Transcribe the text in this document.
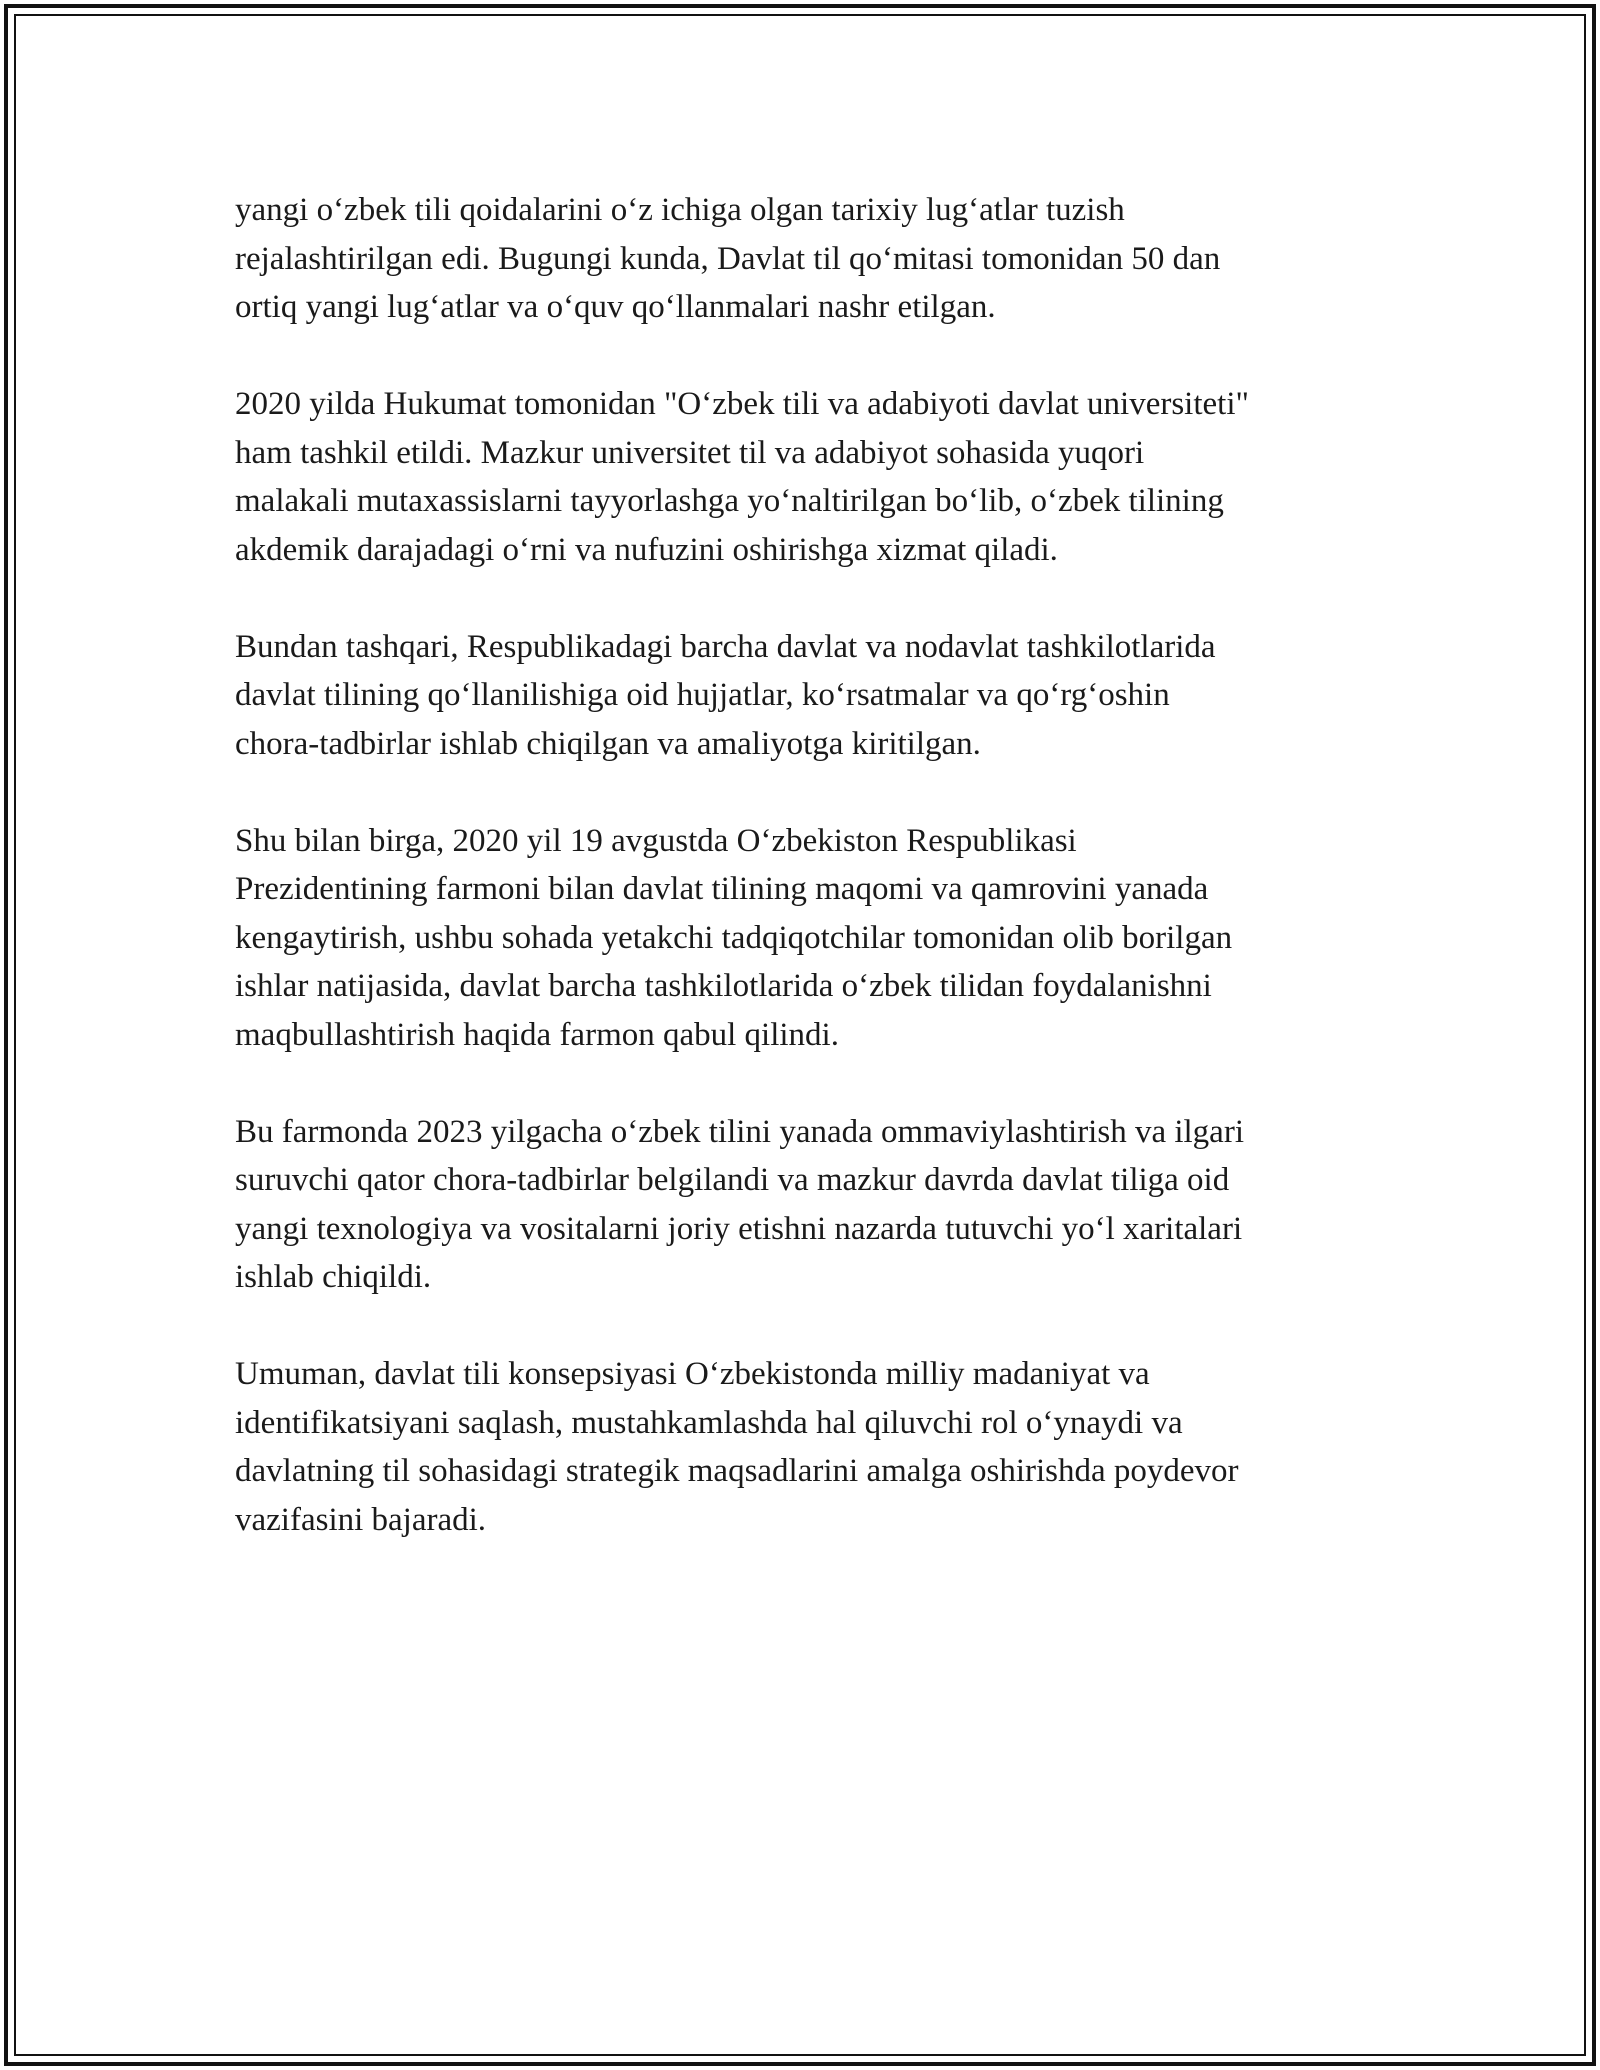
yangi oʻzbek tili qoidalarini oʻz ichiga olgan tarixiy lugʻatlar tuzish
rejalashtirilgan edi. Bugungi kunda, Davlat til qoʻmitasi tomonidan 50 dan
ortiq yangi lugʻatlar va oʻquv qoʻllanmalari nashr etilgan.

2020 yilda Hukumat tomonidan "Oʻzbek tili va adabiyoti davlat universiteti"
ham tashkil etildi. Mazkur universitet til va adabiyot sohasida yuqori
malakali mutaxassislarni tayyorlashga yoʻnaltirilgan boʻlib, oʻzbek tilining
akdemik darajadagi oʻrni va nufuzini oshirishga xizmat qiladi.

Bundan tashqari, Respublikadagi barcha davlat va nodavlat tashkilotlarida
davlat tilining qoʻllanilishiga oid hujjatlar, koʻrsatmalar va qoʻrgʻoshin
chora-tadbirlar ishlab chiqilgan va amaliyotga kiritilgan.

Shu bilan birga, 2020 yil 19 avgustda Oʻzbekiston Respublikasi
Prezidentining farmoni bilan davlat tilining maqomi va qamrovini yanada
kengaytirish, ushbu sohada yetakchi tadqiqotchilar tomonidan olib borilgan
ishlar natijasida, davlat barcha tashkilotlarida oʻzbek tilidan foydalanishni
maqbullashtirish haqida farmon qabul qilindi.

Bu farmonda 2023 yilgacha oʻzbek tilini yanada ommaviylashtirish va ilgari
suruvchi qator chora-tadbirlar belgilandi va mazkur davrda davlat tiliga oid
yangi texnologiya va vositalarni joriy etishni nazarda tutuvchi yoʻl xaritalari
ishlab chiqildi.

Umuman, davlat tili konsepsiyasi Oʻzbekistonda milliy madaniyat va
identifikatsiyani saqlash, mustahkamlashda hal qiluvchi rol oʻynaydi va
davlatning til sohasidagi strategik maqsadlarini amalga oshirishda poydevor
vazifasini bajaradi.
